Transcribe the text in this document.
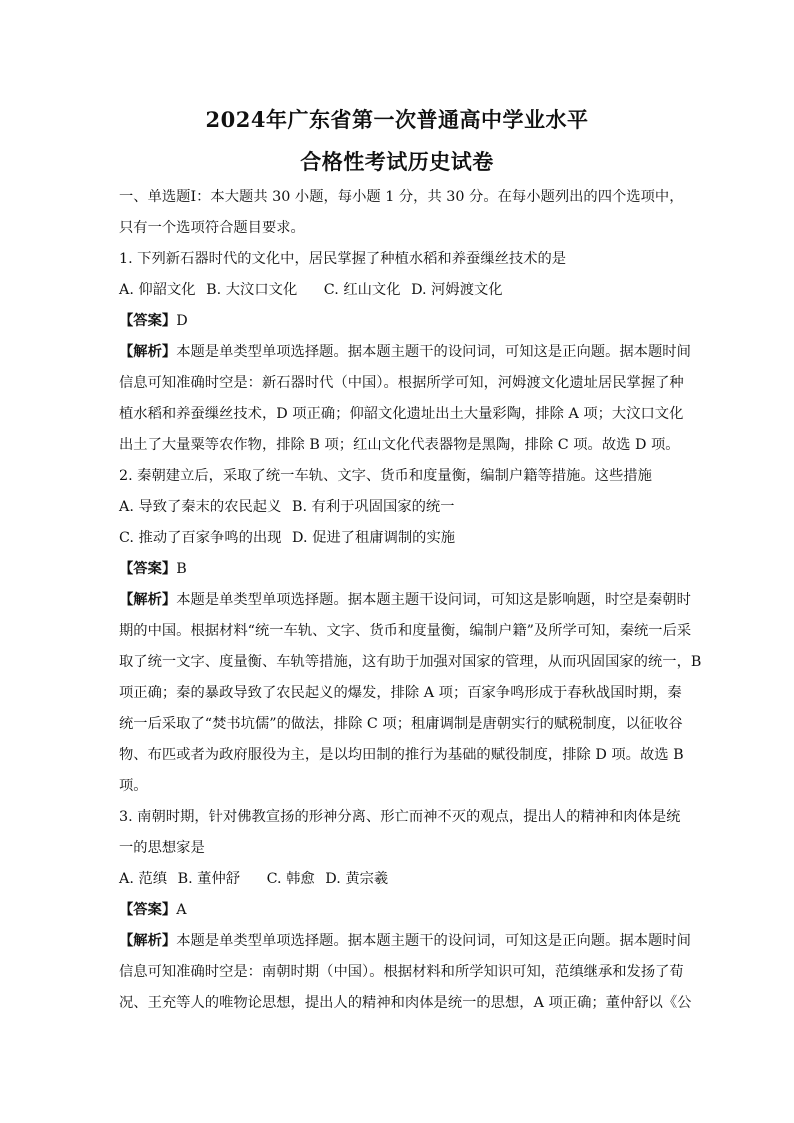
2024年广东省第一次普通高中学业水平
合格性考试历史试卷
一、单选题Ⅰ：本大题共 30 小题，每小题 1 分，共 30 分。在每小题列出的四个选项中，
只有一个选项符合题目要求。
1. 下列新石器时代的文化中，居民掌握了种植水稻和养蚕缫丝技术的是
A. 仰韶文化 B. 大汶口文化 C. 红山文化 D. 河姆渡文化
【答案】D
【解析】本题是单类型单项选择题。据本题主题干的设问词，可知这是正向题。据本题时间
信息可知准确时空是：新石器时代（中国）。根据所学可知，河姆渡文化遗址居民掌握了种
植水稻和养蚕缫丝技术，D 项正确；仰韶文化遗址出土大量彩陶，排除 A 项；大汶口文化
出土了大量粟等农作物，排除 B 项；红山文化代表器物是黑陶，排除 C 项。故选 D 项。
2. 秦朝建立后，采取了统一车轨、文字、货币和度量衡，编制户籍等措施。这些措施
A. 导致了秦末的农民起义 B. 有利于巩固国家的统一
C. 推动了百家争鸣的出现 D. 促进了租庸调制的实施
【答案】B
【解析】本题是单类型单项选择题。据本题主题干设问词，可知这是影响题，时空是秦朝时
期的中国。根据材料“统一车轨、文字、货币和度量衡，编制户籍”及所学可知，秦统一后采
取了统一文字、度量衡、车轨等措施，这有助于加强对国家的管理，从而巩固国家的统一，B
项正确；秦的暴政导致了农民起义的爆发，排除 A 项；百家争鸣形成于春秋战国时期，秦
统一后采取了“焚书坑儒”的做法，排除 C 项；租庸调制是唐朝实行的赋税制度，以征收谷
物、布匹或者为政府服役为主，是以均田制的推行为基础的赋役制度，排除 D 项。故选 B
项。
3. 南朝时期，针对佛教宣扬的形神分离、形亡而神不灭的观点，提出人的精神和肉体是统
一的思想家是
A. 范缜 B. 董仲舒 C. 韩愈 D. 黄宗羲
【答案】A
【解析】本题是单类型单项选择题。据本题主题干的设问词，可知这是正向题。据本题时间
信息可知准确时空是：南朝时期（中国）。根据材料和所学知识可知，范缜继承和发扬了荀
况、王充等人的唯物论思想，提出人的精神和肉体是统一的思想，A 项正确；董仲舒以《公
